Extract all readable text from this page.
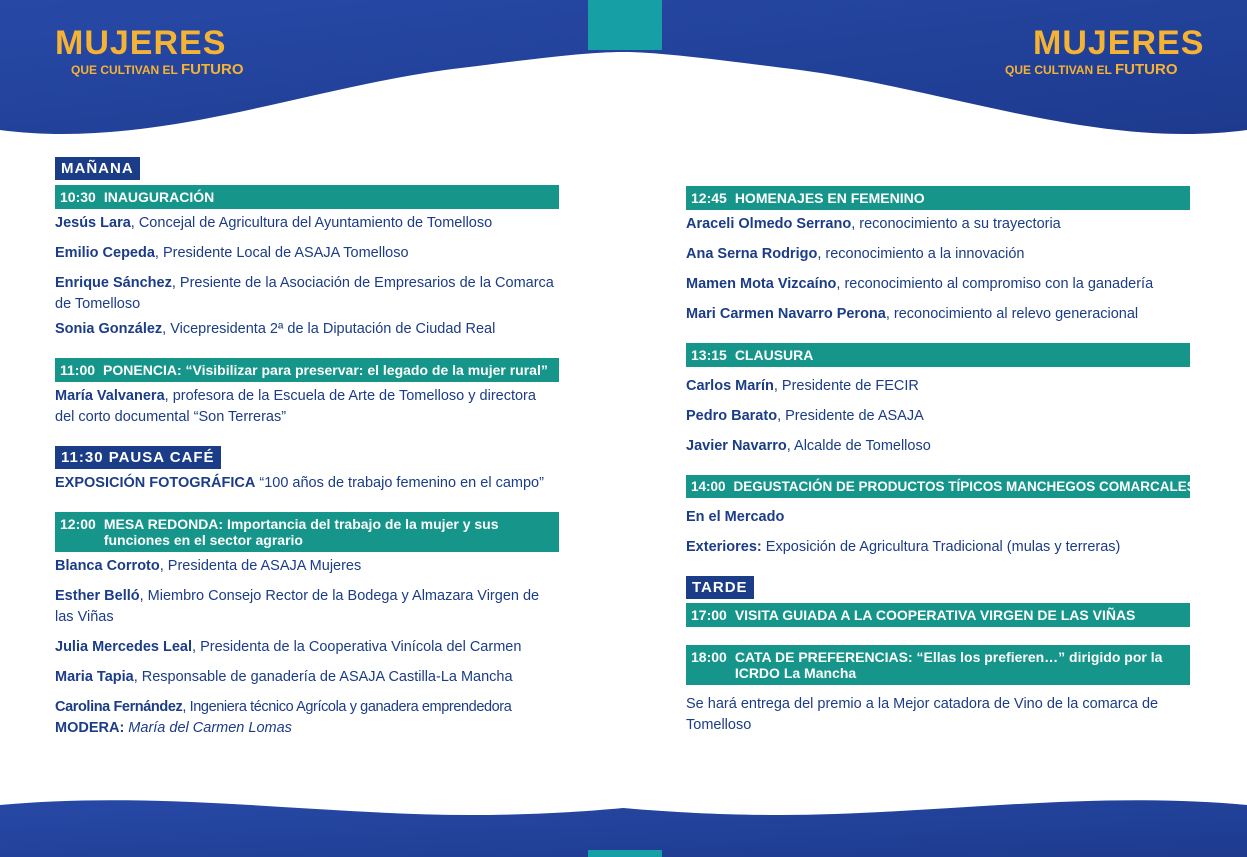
MUJERES
QUE CULTIVAN EL FUTURO
MUJERES
QUE CULTIVAN EL FUTURO
MAÑANA
10:30 INAUGURACIÓN

Jesús Lara, Concejal de Agricultura del Ayuntamiento de Tomelloso

Emilio Cepeda, Presidente Local de ASAJA Tomelloso

Enrique Sánchez, Presiente de la Asociación de Empresarios de la Comarca de Tomelloso

Sonia González, Vicepresidenta 2ª de la Diputación de Ciudad Real

11:00 PONENCIA: “Visibilizar para preservar: el legado de la mujer rural”

María Valvanera, profesora de la Escuela de Arte de Tomelloso y directora del corto documental “Son Terreras”

11:30 PAUSA CAFÉ

EXPOSICIÓN FOTOGRÁFICA “100 años de trabajo femenino en el campo”

12:00 MESA REDONDA: Importancia del trabajo de la mujer y sus funciones en el sector agrario

Blanca Corroto, Presidenta de ASAJA Mujeres

Esther Belló, Miembro Consejo Rector de la Bodega y Almazara Virgen de las Viñas

Julia Mercedes Leal, Presidenta de la Cooperativa Vinícola del Carmen

Maria Tapia, Responsable de ganadería de ASAJA Castilla-La Mancha

Carolina Fernández, Ingeniera técnico Agrícola y ganadera emprendedora

MODERA: María del Carmen Lomas

12:45 HOMENAJES EN FEMENINO

Araceli Olmedo Serrano, reconocimiento a su trayectoria

Ana Serna Rodrigo, reconocimiento a la innovación

Mamen Mota Vizcaíno, reconocimiento al compromiso con la ganadería

Mari Carmen Navarro Perona, reconocimiento al relevo generacional

13:15 CLAUSURA

Carlos Marín, Presidente de FECIR

Pedro Barato, Presidente de ASAJA

Javier Navarro, Alcalde de Tomelloso

14:00 DEGUSTACIÓN DE PRODUCTOS TÍPICOS MANCHEGOS COMARCALES

En el Mercado

Exteriores: Exposición de Agricultura Tradicional (mulas y terreras)

TARDE
17:00 VISITA GUIADA A LA COOPERATIVA VIRGEN DE LAS VIÑAS
18:00 CATA DE PREFERENCIAS: “Ellas los prefieren…” dirigido por la ICRDO La Mancha

Se hará entrega del premio a la Mejor catadora de Vino de la comarca de Tomelloso
